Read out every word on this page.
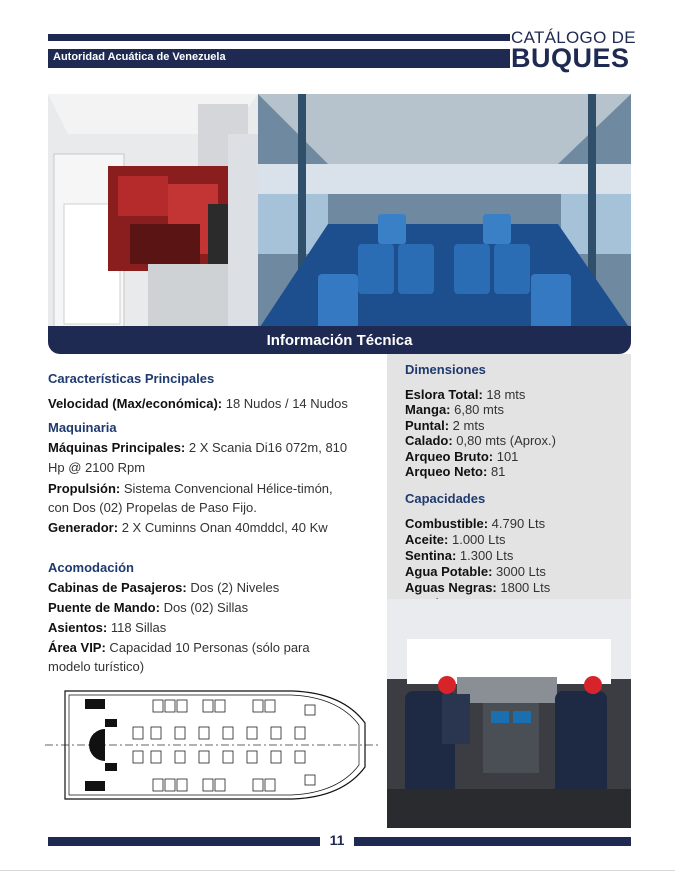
Autoridad Acuática de Venezuela
CATÁLOGO DE
BUQUES
Información Técnica
Características Principales
Velocidad (Max/económica): 18 Nudos / 14 Nudos
Maquinaria
Máquinas Principales: 2 X Scania Di16 072m, 810
Hp @ 2100 Rpm
Propulsión: Sistema Convencional Hélice-timón,
con Dos (02) Propelas de Paso Fijo.
Generador: 2 X Cuminns Onan 40mddcl, 40 Kw
Acomodación
Cabinas de Pasajeros: Dos (2) Niveles
Puente de Mando: Dos (02) Sillas
Asientos: 118 Sillas
Área VIP: Capacidad 10 Personas (sólo para
modelo turístico)
Dimensiones
Eslora Total: 18 mts
Manga: 6,80 mts
Puntal: 2 mts
Calado: 0,80 mts (Aprox.)
Arqueo Bruto: 101
Arqueo Neto: 81
Capacidades
Combustible: 4.790 Lts
Aceite: 1.000 Lts
Sentina: 1.300 Lts
Agua Potable: 3000 Lts
Aguas Negras: 1800 Lts
11
